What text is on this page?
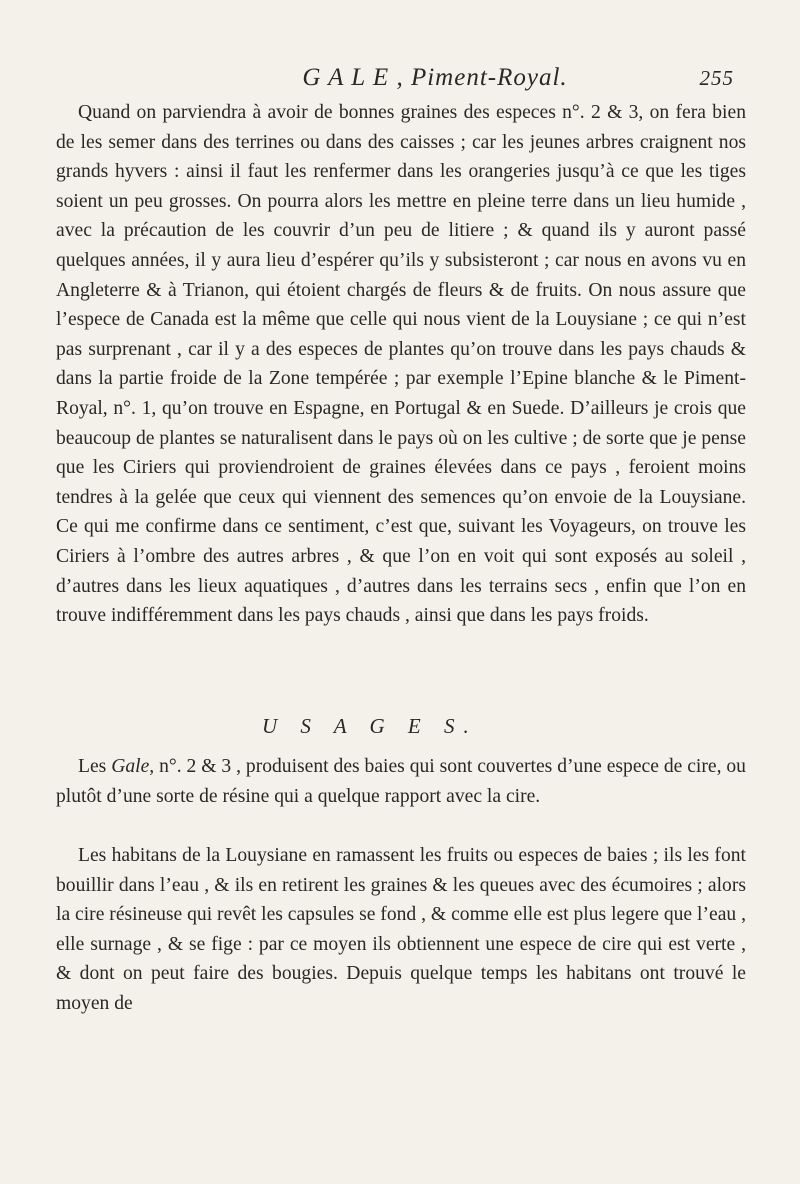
G A L E , Piment-Royal.	255

Quand on parviendra à avoir de bonnes graines des especes n°. 2 & 3, on fera bien de les semer dans des terrines ou dans des caisses ; car les jeunes arbres craignent nos grands hyvers : ainsi il faut les renfermer dans les orangeries jusqu’à ce que les tiges soient un peu grosses. On pourra alors les mettre en pleine terre dans un lieu humide , avec la précaution de les couvrir d’un peu de litiere ; & quand ils y auront passé quelques années, il y aura lieu d’espérer qu’ils y subsisteront ; car nous en avons vu en Angleterre & à Trianon, qui étoient chargés de fleurs & de fruits. On nous assure que l’espece de Canada est la même que celle qui nous vient de la Louysiane ; ce qui n’est pas surprenant , car il y a des especes de plantes qu’on trouve dans les pays chauds & dans la partie froide de la Zone tempérée ; par exemple l’Epine blanche & le Piment-Royal, n°. 1, qu’on trouve en Espagne, en Portugal & en Suede. D’ailleurs je crois que beaucoup de plantes se naturalisent dans le pays où on les cultive ; de sorte que je pense que les Ciriers qui proviendroient de graines élevées dans ce pays , feroient moins tendres à la gelée que ceux qui viennent des semences qu’on envoie de la Louysiane. Ce qui me confirme dans ce sentiment, c’est que, suivant les Voyageurs, on trouve les Ciriers à l’ombre des autres arbres , & que l’on en voit qui sont exposés au soleil , d’autres dans les lieux aquatiques , d’autres dans les terrains secs , enfin que l’on en trouve indifféremment dans les pays chauds , ainsi que dans les pays froids.

U S A G E S.

Les Gale, n°. 2 & 3 , produisent des baies qui sont couvertes d’une espece de cire, ou plutôt d’une sorte de résine qui a quelque rapport avec la cire.

Les habitans de la Louysiane en ramassent les fruits ou especes de baies ; ils les font bouillir dans l’eau , & ils en retirent les graines & les queues avec des écumoires ; alors la cire résineuse qui revêt les capsules se fond , & comme elle est plus legere que l’eau , elle surnage , & se fige : par ce moyen ils obtiennent une espece de cire qui est verte , & dont on peut faire des bougies. Depuis quelque temps les habitans ont trouvé le moyen de
